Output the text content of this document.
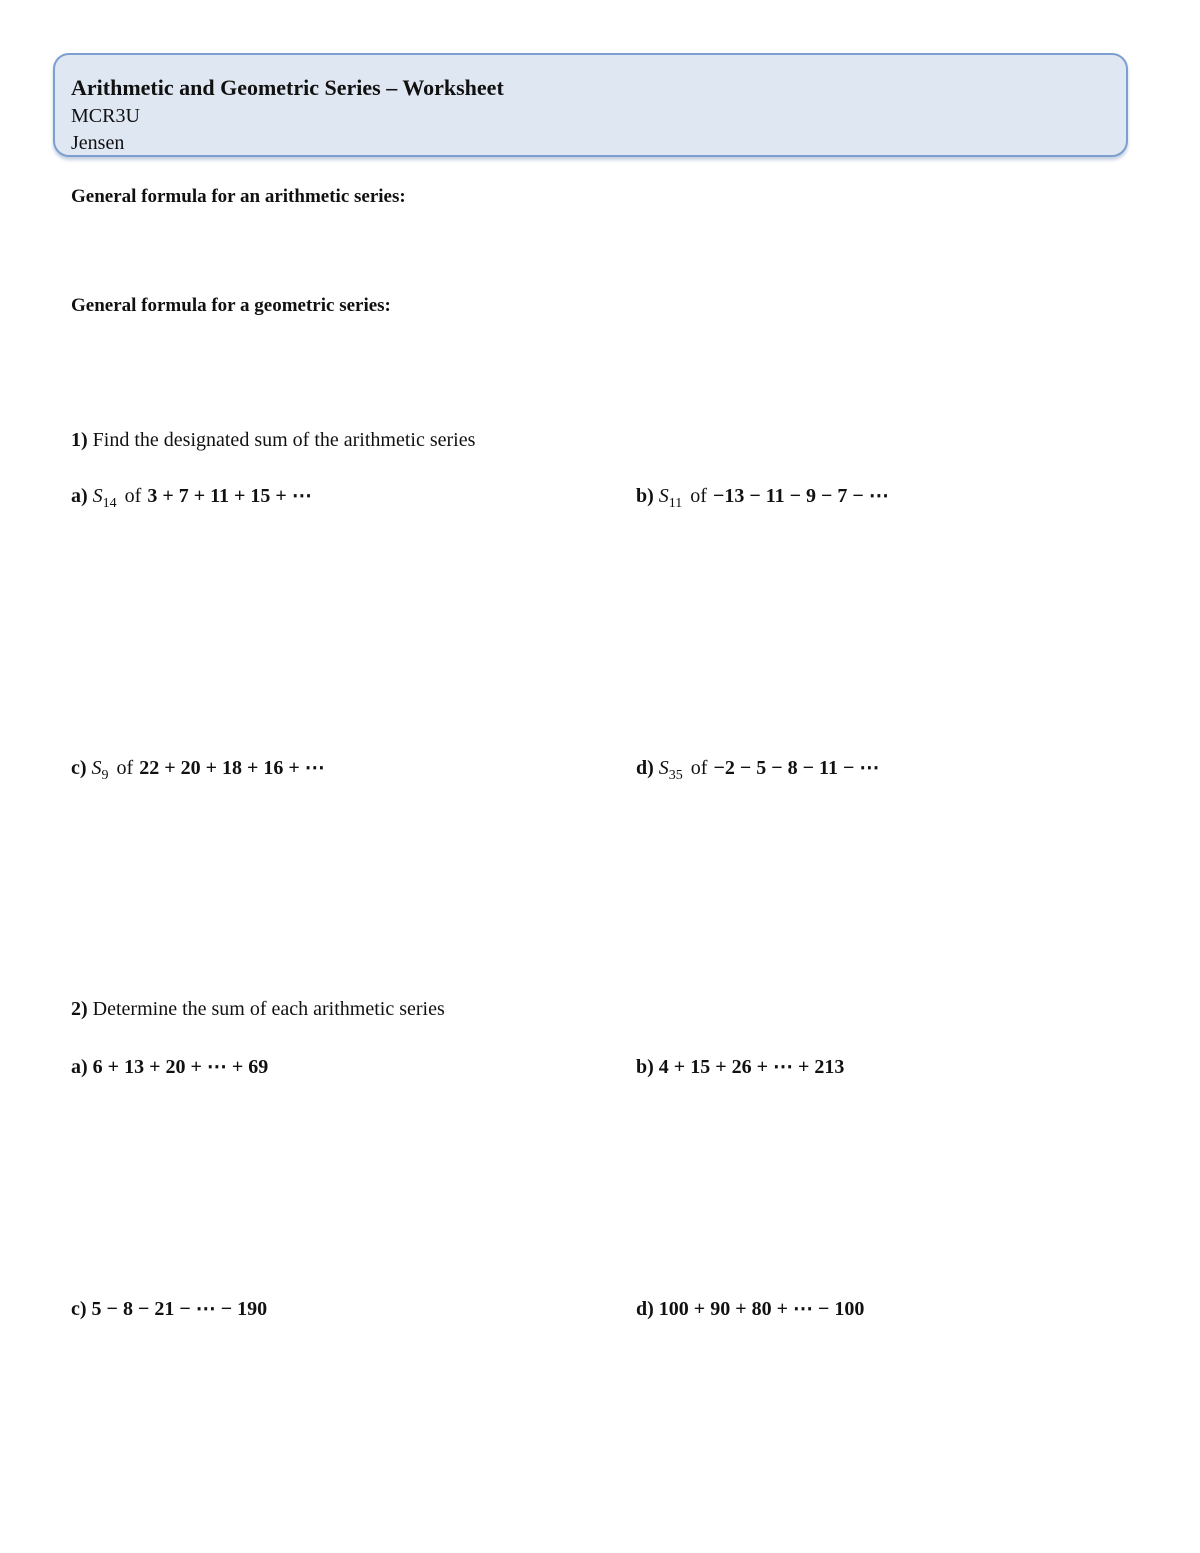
Arithmetic and Geometric Series – Worksheet
MCR3U
Jensen
General formula for an arithmetic series:
General formula for a geometric series:
1) Find the designated sum of the arithmetic series
a) $S_{14}$ of 3 + 7 + 11 + 15 + ⋯	b) $S_{11}$ of −13 − 11 − 9 − 7 − ⋯
c) $S_9$ of 22 + 20 + 18 + 16 + ⋯	d) $S_{35}$ of −2 − 5 − 8 − 11 − ⋯
2) Determine the sum of each arithmetic series
a) 6 + 13 + 20 + ⋯ + 69	b) 4 + 15 + 26 + ⋯ + 213
c) 5 − 8 − 21 − ⋯ − 190	d) 100 + 90 + 80 + ⋯ − 100
